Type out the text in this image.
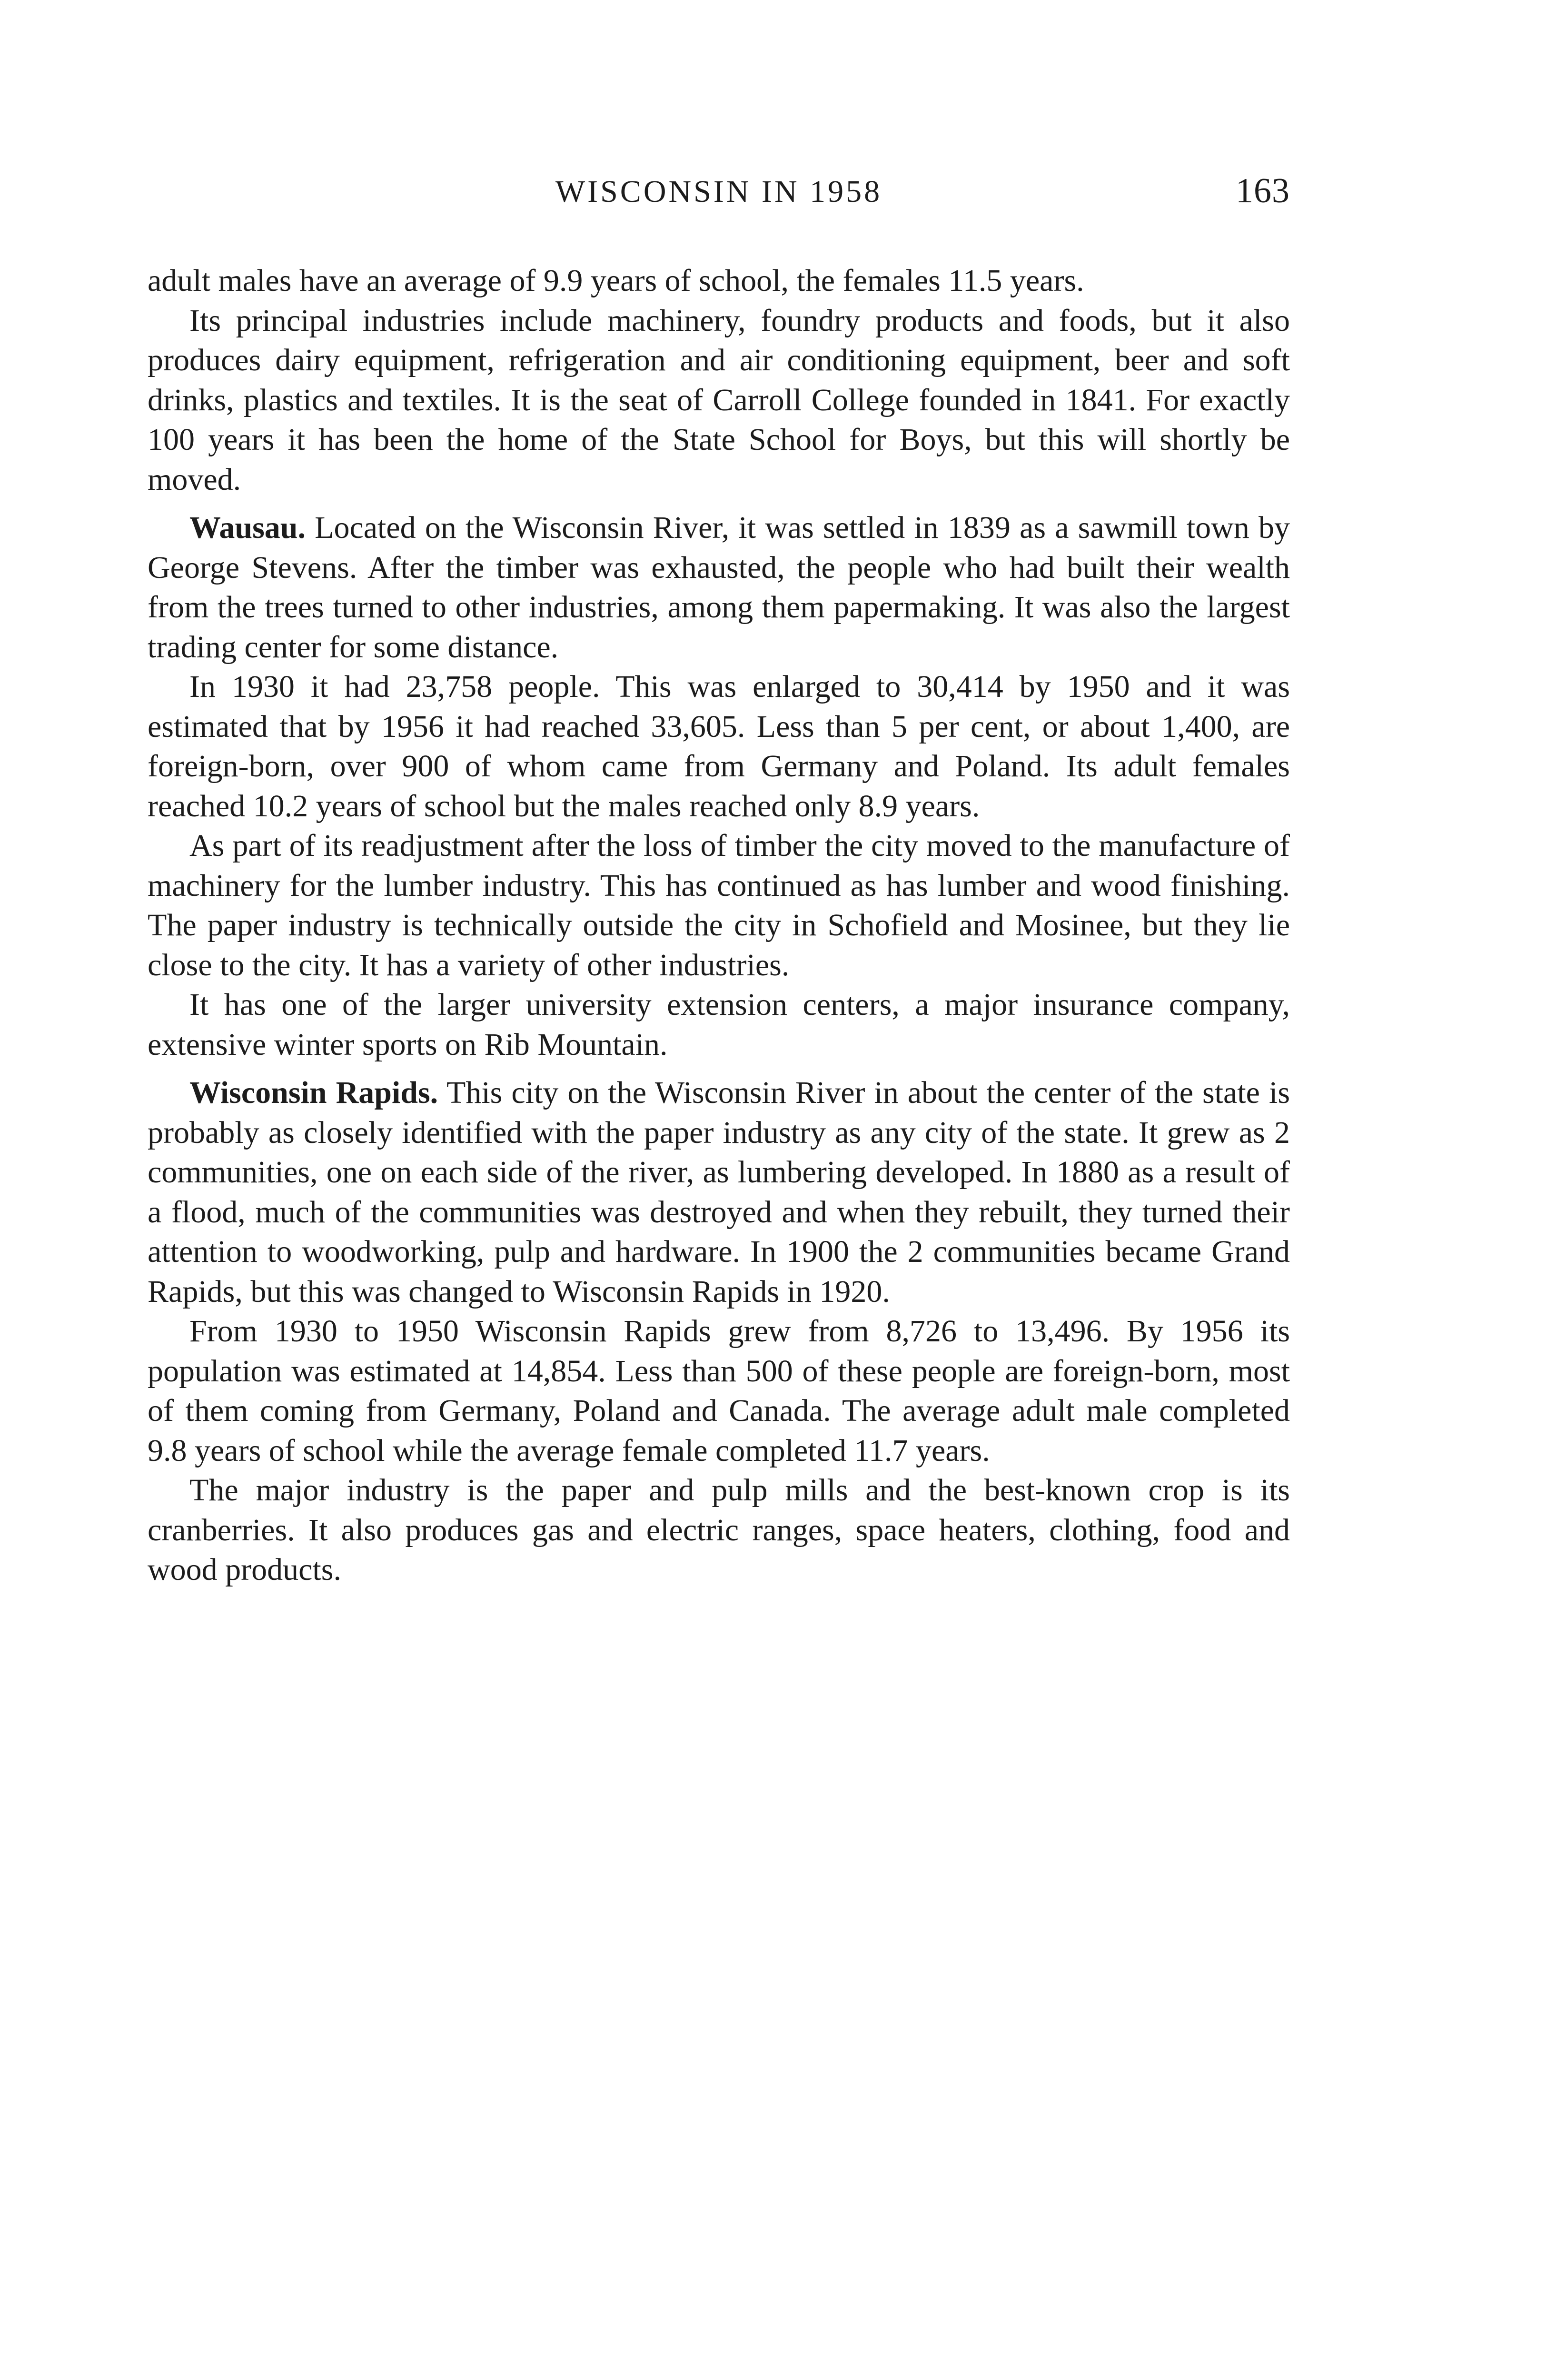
WISCONSIN IN 1958	163

adult males have an average of 9.9 years of school, the females 11.5 years.

Its principal industries include machinery, foundry products and foods, but it also produces dairy equipment, refrigeration and air conditioning equipment, beer and soft drinks, plastics and textiles. It is the seat of Carroll College founded in 1841. For exactly 100 years it has been the home of the State School for Boys, but this will shortly be moved.

Wausau. Located on the Wisconsin River, it was settled in 1839 as a sawmill town by George Stevens. After the timber was exhausted, the people who had built their wealth from the trees turned to other industries, among them papermaking. It was also the largest trading center for some distance.

In 1930 it had 23,758 people. This was enlarged to 30,414 by 1950 and it was estimated that by 1956 it had reached 33,605. Less than 5 per cent, or about 1,400, are foreign-born, over 900 of whom came from Germany and Poland. Its adult females reached 10.2 years of school but the males reached only 8.9 years.

As part of its readjustment after the loss of timber the city moved to the manufacture of machinery for the lumber industry. This has continued as has lumber and wood finishing. The paper industry is technically outside the city in Schofield and Mosinee, but they lie close to the city. It has a variety of other industries.

It has one of the larger university extension centers, a major insurance company, extensive winter sports on Rib Mountain.

Wisconsin Rapids. This city on the Wisconsin River in about the center of the state is probably as closely identified with the paper industry as any city of the state. It grew as 2 communities, one on each side of the river, as lumbering developed. In 1880 as a result of a flood, much of the communities was destroyed and when they rebuilt, they turned their attention to woodworking, pulp and hardware. In 1900 the 2 communities became Grand Rapids, but this was changed to Wisconsin Rapids in 1920.

From 1930 to 1950 Wisconsin Rapids grew from 8,726 to 13,496. By 1956 its population was estimated at 14,854. Less than 500 of these people are foreign-born, most of them coming from Germany, Poland and Canada. The average adult male completed 9.8 years of school while the average female completed 11.7 years.

The major industry is the paper and pulp mills and the best-known crop is its cranberries. It also produces gas and electric ranges, space heaters, clothing, food and wood products.
